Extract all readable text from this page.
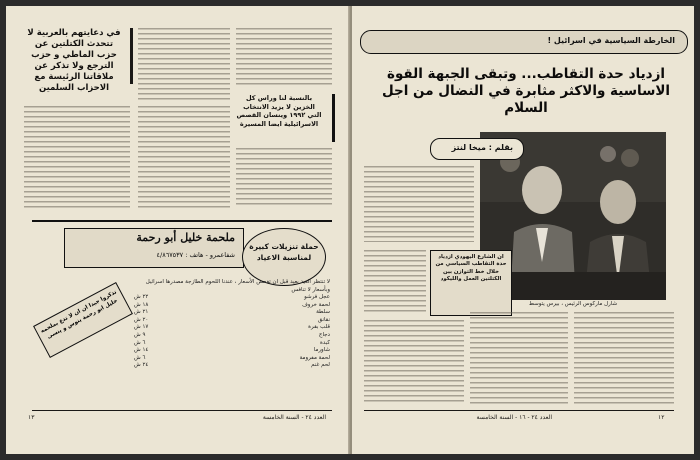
في دعايتهم بالعربية لا تتحدث الكتلتين عن حزب الماطي و حزب الترجع ولا تذكر عن ملاقاتنا الرئيسة مع الاحزاب السلمين
بالنسبة لنا وراس كل الخزين لا يزيد الانتخاب التي ١٩٩٢ وينسان القصص الاسرائيلية ايضا المسيرة
ملحمة خليل أبو رحمة
شفاعمرو - هاتف : ٤/٨٦٧٥٣٧
حملة تنزيلات كبيرة لمناسبة الاعياد
تذكروا جيدا ان ان لا تدع بملحمه خليل ابو رحمة ينوس و ينسى
لا تنتظر العيد بعيد قبل ان تفحص الأسعار ، عندنا اللحوم الطازجة مصدرها اسرائيل وبأسعار لا تنافس
عجل فرشو
٢٢ ش
لحمة خروف
١٨ ش
سلطة
٢١ ش
نقانق
٢٠ ش
قلب بقرة
١٧ ش
دجاج
٩ ش
كبدة
٦ ش
شاورما
١٤ ش
لحمة مفرومة
٦ ش
لحم غنم
٢٤ ش
١٣	العدد ٢٤ - السنة الخامسة
الخارطة السياسية في اسرائيل !
ازدياد حدة التقاطب... وتبقى الجبهة القوة الاساسية والاكثر مثابرة في النضال من اجل السلام
شارل ماركوس الرئيس ، بيرس يتوسط
بقلم : ميخا لنتز
ان الشارع اليهودي ازدياد حدة التقاطب السياسي من خلال خط التوازن بين الكتلتين العمل والليكود
العدد ٢٤ - ١٦ - السنة الخامسة	١٢
